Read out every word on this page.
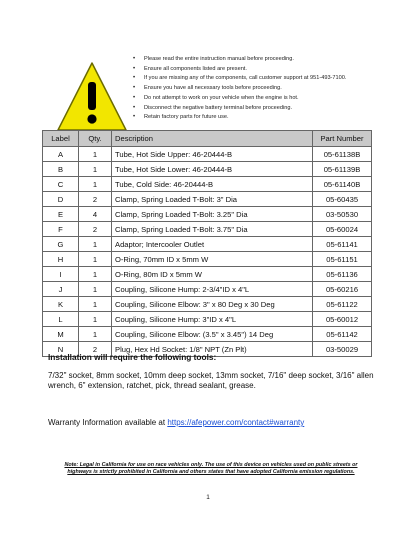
• Please read the entire instruction manual before proceeding.
• Ensure all components listed are present.
• If you are missing any of the components, call customer support at 951-493-7100.
• Ensure you have all necessary tools before proceeding.
• Do not attempt to work on your vehicle when the engine is hot.
• Disconnect the negative battery terminal before proceeding.
• Retain factory parts for future use.
Label	Qty.	Description	Part Number
A	1	Tube, Hot Side Upper: 46-20444-B	05-61138B
B	1	Tube, Hot Side Lower: 46-20444-B	05-61139B
C	1	Tube, Cold Side: 46-20444-B	05-61140B
D	2	Clamp, Spring Loaded T-Bolt: 3" Dia	05-60435
E	4	Clamp, Spring Loaded T-Bolt: 3.25" Dia	03-50530
F	2	Clamp, Spring Loaded T-Bolt: 3.75" Dia	05-60024
G	1	Adaptor; Intercooler Outlet	05-61141
H	1	O-Ring, 70mm ID x 5mm W	05-61151
I	1	O-Ring, 80m ID x 5mm W	05-61136
J	1	Coupling, Silicone Hump: 2-3/4"ID x 4"L	05-60216
K	1	Coupling, Silicone Elbow: 3" x 80 Deg x 30 Deg	05-61122
L	1	Coupling, Silicone Hump: 3"ID x 4"L	05-60012
M	1	Coupling, Silicone Elbow: (3.5" x 3.45") 14 Deg	05-61142
N	2	Plug, Hex Hd Socket: 1/8" NPT (Zn Plt)	03-50029

Installation will require the following tools:

7/32" socket, 8mm socket, 10mm deep socket, 13mm socket, 7/16" deep socket, 3/16" allen wrench, 6" extension, ratchet, pick, thread sealant, grease.

Warranty Information available at https://afepower.com/contact#warranty

Note: Legal in California for use on race vehicles only. The use of this device on vehicles used on public streets or highways is strictly prohibited in California and others states that have adopted California emission regulations.

1
